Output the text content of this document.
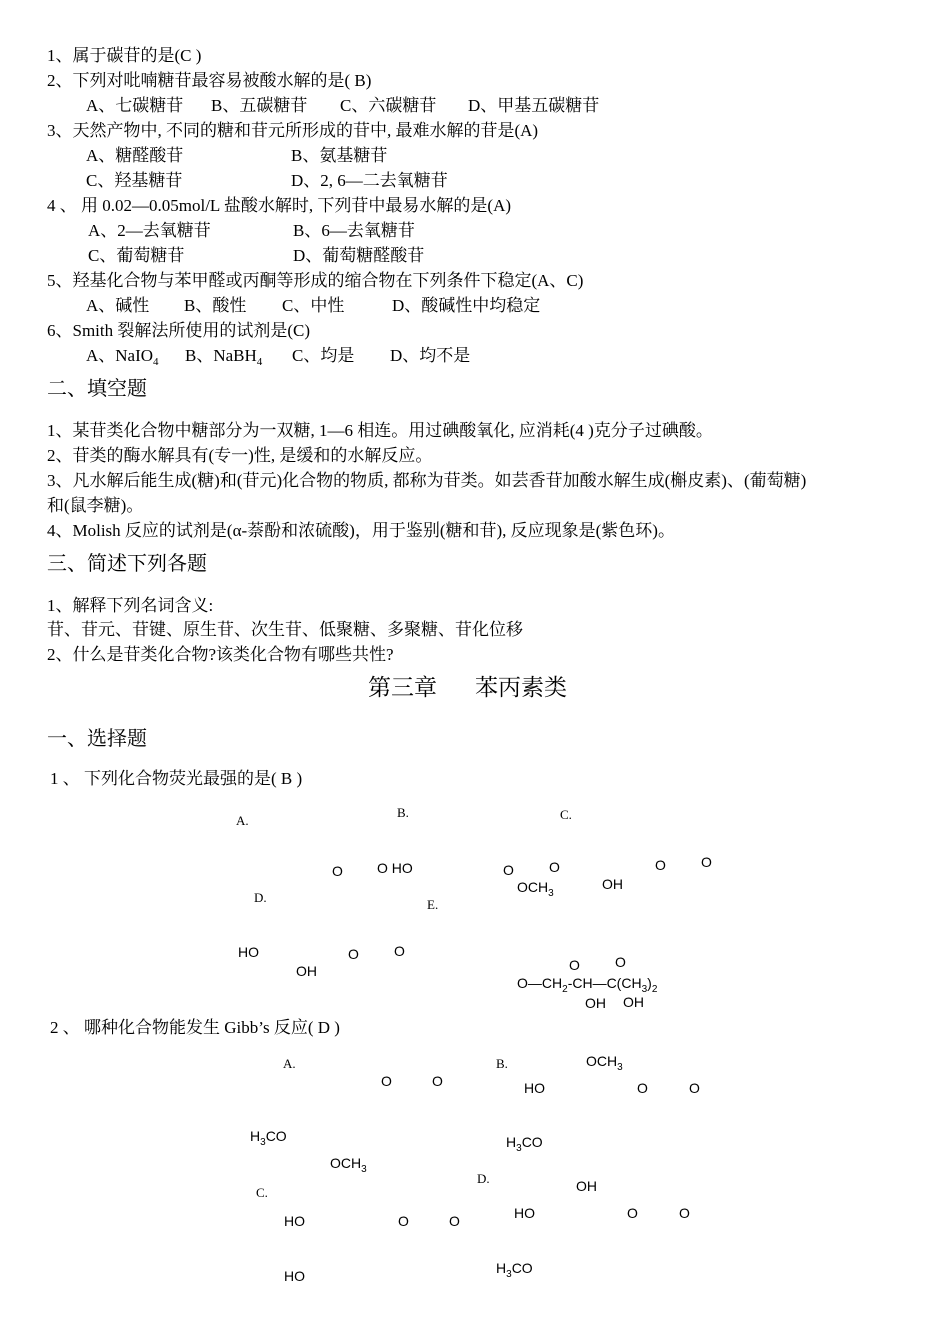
1、属于碳苷的是(C )
2、下列对吡喃糖苷最容易被酸水解的是( B)
A、七碳糖苷 B、五碳糖苷 C、六碳糖苷 D、甲基五碳糖苷
3、天然产物中, 不同的糖和苷元所形成的苷中, 最难水解的苷是(A)
A、糖醛酸苷	B、氨基糖苷
C、羟基糖苷	D、2, 6—二去氧糖苷
4 、 用 0.02—0.05mol/L 盐酸水解时, 下列苷中最易水解的是(A)
A、2—去氧糖苷	B、6—去氧糖苷
C、葡萄糖苷	D、葡萄糖醛酸苷
5、羟基化合物与苯甲醛或丙酮等形成的缩合物在下列条件下稳定(A、C)
A、碱性 B、酸性 C、中性	D、酸碱性中均稳定
6、Smith 裂解法所使用的试剂是(C)
A、NaIO$_4$ B、NaBH$_4$ C、均是 D、均不是
二、填空题
1、某苷类化合物中糖部分为一双糖, 1—6 相连。用过碘酸氧化, 应消耗(4 )克分子过碘酸。
2、苷类的酶水解具有(专一)性, 是缓和的水解反应。
3、凡水解后能生成(糖)和(苷元)化合物的物质, 都称为苷类。如芸香苷加酸水解生成(槲皮素)、(葡萄糖)
和(鼠李糖)。
4、Molish 反应的试剂是(α-萘酚和浓硫酸)，用于鉴别(糖和苷), 反应现象是(紫色环)。
三、简述下列各题
1、解释下列名词含义:
苷、苷元、苷键、原生苷、次生苷、低聚糖、多聚糖、苷化位移
2、什么是苷类化合物?该类化合物有哪些共性?
第三章 苯丙素类
一、选择题
1 、 下列化合物荧光最强的是( B )
A.
B.	C.
D.	E.
O O HO	O	O
$OCH_3$
OH
O	O
HO
OH
O	O
O	O
$O—CH_2-CH—C(CH_3)_2$
OH OH
2 、 哪种化合物能发生 Gibb’s 反应( D )
A.	B.
C.
D.
O	O
$OCH_3$
HO	O	O
$H_3CO$
$OCH_3$
$H_3CO$
OH
HO	O	O	HO	O	O
HO	$H_3CO$
